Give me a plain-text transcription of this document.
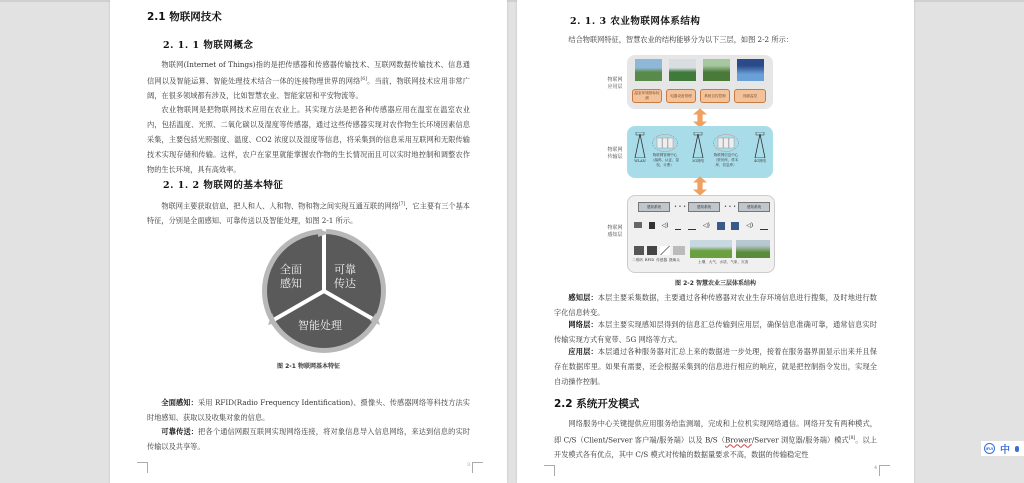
2.1 物联网技术
2. 1. 1 物联网概念
物联网(Internet of Things)指的是把传感器和传感器传输技术、互联网数据传输技术、信息通信网以及智能运算、智能处理技术结合一体的连接物理世界的网络[6]。当前，物联网技术应用非常广阔，在很多领域都有涉及，比如智慧农业、智能家居和平安物流等。
农业物联网是把物联网技术应用在农业上。其实现方法是把各种传感器应用在温室在温室农业内，包括温度、光照、二氧化碳以及湿度等传感器，通过这些传感器实现对农作物生长环境因素信息采集，主要包括光照强度、温度、CO2 浓度以及湿度等信息，将采集到的信息采用互联网和无限传输技术实现存储和传输。这样，农户在家里就能掌握农作物的生长情况而且可以实时地控制和调整农作物的生长环境，具有高效率。
2. 1. 2 物联网的基本特征
物联网主要获取信息，把人和人、人和物、物和物之间实现互通互联的网络[7]，它主要有三个基本特征，分别是全面感知、可靠传送以及智能处理，如图 2-1 所示。
全面
感知
可靠
传达
智能处理
图 2-1 物联网基本特征
全面感知：采用 RFID(Radio Frequency Identification)、摄像头、传感器网络等科技方法实时地感知、获取以及收集对象的信息。
可靠传送：把各个通信网跟互联网实现网络连接，将对象信息导入信息网络，来达到信息的实时传输以及共享等。
3
2. 1. 3 农业物联网体系结构
结合物联网特征，智慧农业的结构能够分为以下三层，如图 2-2 所示：
物联网
应用层
温室环境指标检测
电器设备管理	系统自控控制	视频监控
物联网
传输层
WLAN
物联网管理中心（编码、认证、鉴权、计费）
3G网络
物联网信息中心（资讯库、样本库、信息库）
4G网络
物联网
感知层
感知系统	• • •	感知系统	• • •	感知系统
◁)	◁)	◁)
二维码 RFID 传感器 摄像头	土壤、大气、水质、气象、灾害
图 2-2 智慧农业三层体系结构
感知层：本层主要采集数据，主要通过各种传感器对农业生存环境信息进行搜集，及时地进行数字化信息转变。
网络层：本层主要实现感知层得到的信息汇总传输到应用层，确保信息准确可靠，通常信息实时传输实现方式有宽带、5G 网络等方式。
应用层：本层通过各种服务器对汇总上来的数据进一步处理，接着在服务器界面显示出来并且保存在数据库里。如果有需要，还会根据采集到的信息进行相应的响应，就是把控制指令发出，实现全自动操作控制。
2.2 系统开发模式
网络服务中心关键提供应用服务给监测端，完成和上位机实现网络通信。网络开发有两种模式，即 C/S（Client/Server 客户端/服务端）以及 B/S（Brower/Server 浏览器/服务端）模式[8]。以上开发模式各有优点，其中 C/S 模式对传输的数据量要求不高，数据的传输稳定性
4
iFLY 中
